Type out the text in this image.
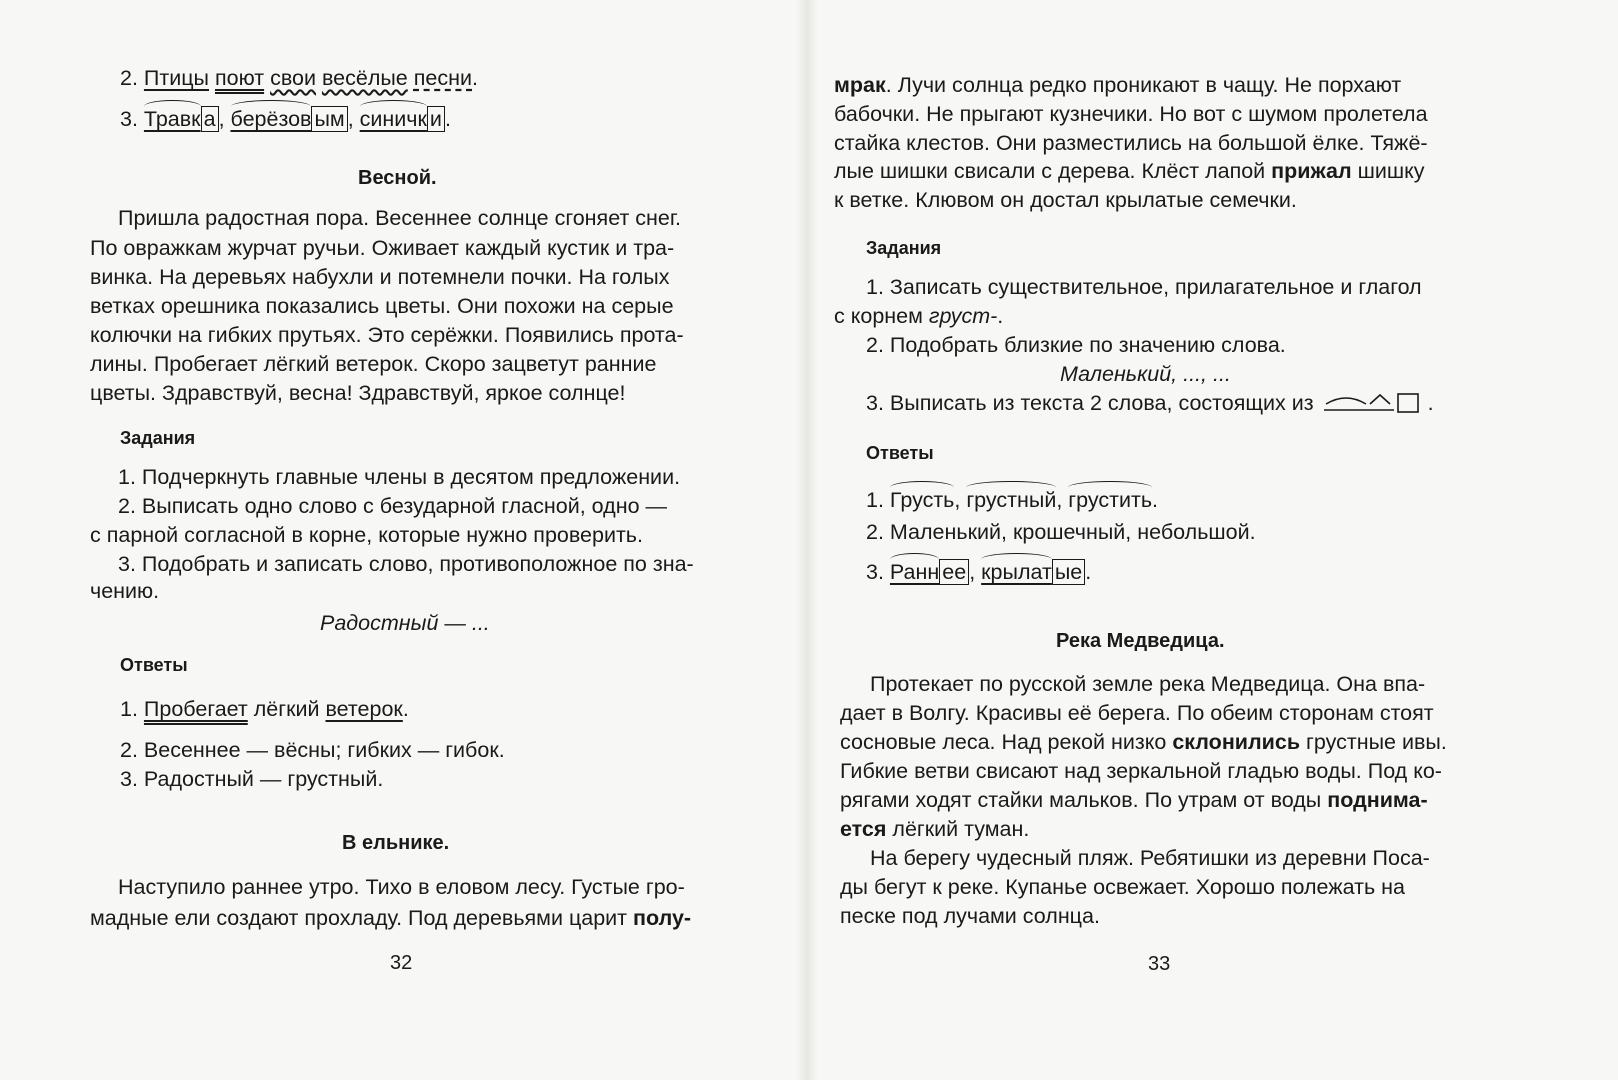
2. Птицы поют свои весёлые песни.
3. Травк а , берёзов ым , синичк и .
Весной.
Пришла радостная пора. Весеннее солнце сгоняет снег.
По овражкам журчат ручьи. Оживает каждый кустик и тра-
винка. На деревьях набухли и потемнели почки. На голых
ветках орешника показались цветы. Они похожи на серые
колючки на гибких прутьях. Это серёжки. Появились прота-
лины. Пробегает лёгкий ветерок. Скоро зацветут ранние
цветы. Здравствуй, весна! Здравствуй, яркое солнце!
Задания
1. Подчеркнуть главные члены в десятом предложении.
2. Выписать одно слово с безударной гласной, одно —
с парной согласной в корне, которые нужно проверить.
3. Подобрать и записать слово, противоположное по зна-
чению.
Радостный — ...
Ответы
1. Пробегает лёгкий ветерок.
2. Весеннее — вёсны; гибких — гибок.
3. Радостный — грустный.
В ельнике.
Наступило раннее утро. Тихо в еловом лесу. Густые гро-
мадные ели создают прохладу. Под деревьями царит полу-
32
мрак. Лучи солнца редко проникают в чащу. Не порхают
бабочки. Не прыгают кузнечики. Но вот с шумом пролетела
стайка клестов. Они разместились на большой ёлке. Тяжё-
лые шишки свисали с дерева. Клёст лапой прижал шишку
к ветке. Клювом он достал крылатые семечки.
Задания
1. Записать существительное, прилагательное и глагол
с корнем груст-.
2. Подобрать близкие по значению слова.
Маленький, ..., ...
3. Выписать из текста 2 слова, состоящих из	.
Ответы
1. Грусть, грустный, грустить.
2. Маленький, крошечный, небольшой.
3. Ранн ее , крылат ые .
Река Медведица.
Протекает по русской земле река Медведица. Она впа-
дает в Волгу. Красивы её берега. По обеим сторонам стоят
сосновые леса. Над рекой низко склонились грустные ивы.
Гибкие ветви свисают над зеркальной гладью воды. Под ко-
рягами ходят стайки мальков. По утрам от воды поднима-
ется лёгкий туман.
На берегу чудесный пляж. Ребятишки из деревни Поса-
ды бегут к реке. Купанье освежает. Хорошо полежать на
песке под лучами солнца.
33
